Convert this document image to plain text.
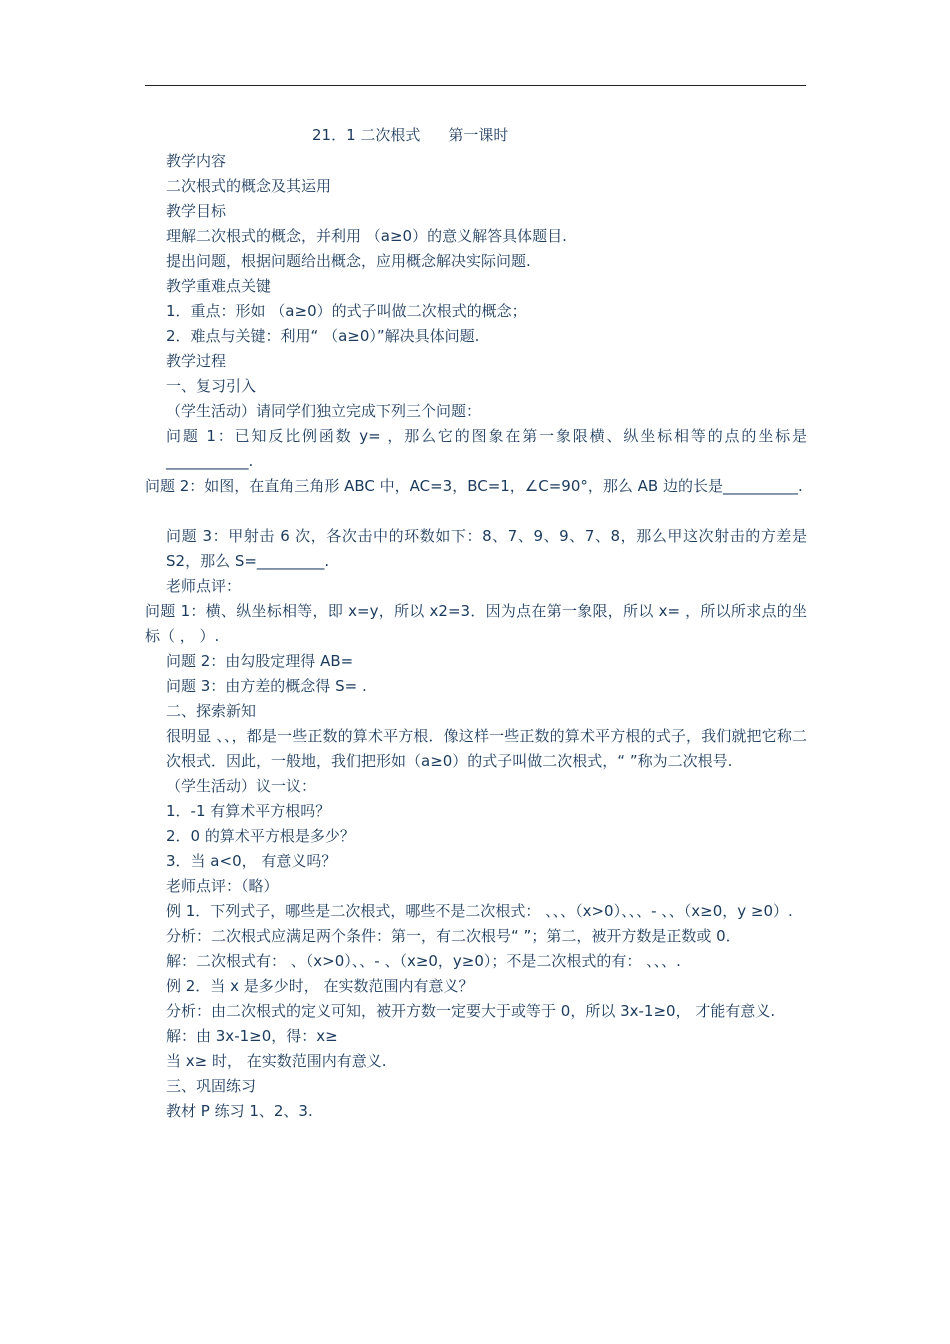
21．1 二次根式 第一课时
教学内容
二次根式的概念及其运用
教学目标
理解二次根式的概念，并利用 （a≥0）的意义解答具体题目.
提出问题，根据问题给出概念，应用概念解决实际问题.
教学重难点关键
1．重点：形如 （a≥0）的式子叫做二次根式的概念；
2．难点与关键：利用“ （a≥0）”解决具体问题.
教学过程
一、复习引入
（学生活动）请同学们独立完成下列三个问题：
问题 1：已知反比例函数 y= ，那么它的图象在第一象限横、纵坐标相等的点的坐标是___________.
问题 2：如图，在直角三角形 ABC 中，AC=3，BC=1，∠C=90°，那么 AB 边的长是__________.
问题 3：甲射击 6 次，各次击中的环数如下：8、7、9、9、7、8，那么甲这次射击的方差是 S2，那么 S=_________.
老师点评：
问题 1：横、纵坐标相等，即 x=y，所以 x2=3．因为点在第一象限，所以 x= ，所以所求点的坐标（ ， ）.
问题 2：由勾股定理得 AB=
问题 3：由方差的概念得 S= .
二、探索新知
很明显 、、，都是一些正数的算术平方根．像这样一些正数的算术平方根的式子，我们就把它称二次根式．因此，一般地，我们把形如（a≥0）的式子叫做二次根式，“ ”称为二次根号.
（学生活动）议一议：
1．-1 有算术平方根吗？
2．0 的算术平方根是多少？
3．当 a<0， 有意义吗？
老师点评：（略）
例 1．下列式子，哪些是二次根式，哪些不是二次根式： 、、、（x>0）、、、- 、、（x≥0，y ≥0）.
分析：二次根式应满足两个条件：第一，有二次根号“ ”；第二，被开方数是正数或 0．
解：二次根式有： 、（x>0）、、- 、（x≥0，y≥0）；不是二次根式的有： 、、、.
例 2．当 x 是多少时， 在实数范围内有意义？
分析：由二次根式的定义可知，被开方数一定要大于或等于 0，所以 3x-1≥0， 才能有意义.
解：由 3x-1≥0，得：x≥
当 x≥ 时， 在实数范围内有意义.
三、巩固练习
教材 P 练习 1、2、3.
